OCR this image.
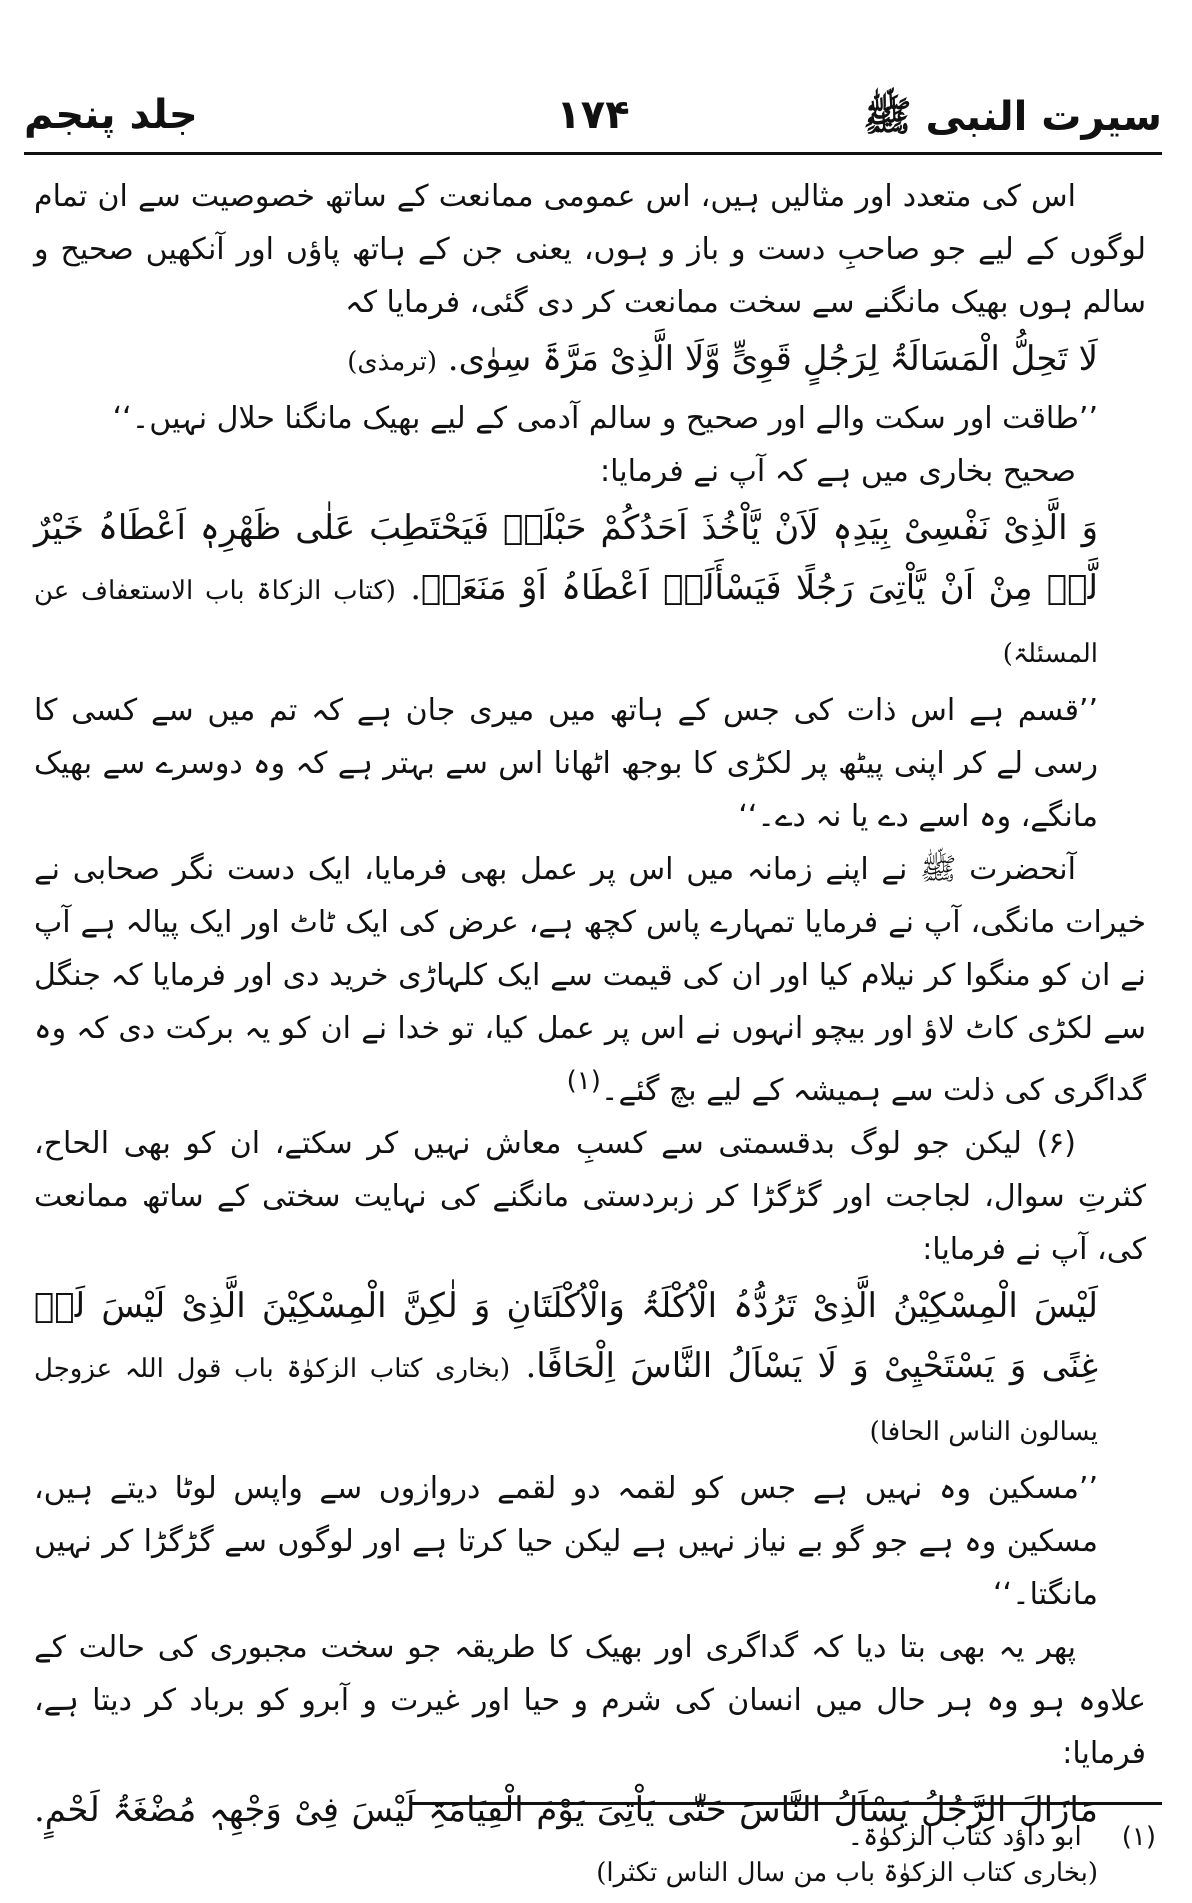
سیرت النبی ﷺ
۱۷۴
جلد پنجم

اس کی متعدد اور مثالیں ہیں، اس عمومی ممانعت کے ساتھ خصوصیت سے ان تمام لوگوں کے لیے جو صاحبِ دست و باز و ہوں، یعنی جن کے ہاتھ پاؤں اور آنکھیں صحیح و سالم ہوں بھیک مانگنے سے سخت ممانعت کر دی گئی، فرمایا کہ

لَا تَحِلُّ الْمَسَالَۃُ لِرَجُلٍ قَوِیٍّ وَّلَا الَّذِیْ مَرَّۃَ سِوٰی. (ترمذی)

’’طاقت اور سکت والے اور صحیح و سالم آدمی کے لیے بھیک مانگنا حلال نہیں۔‘‘

صحیح بخاری میں ہے کہ آپ نے فرمایا:

وَ الَّذِیْ نَفْسِیْ بِیَدِہٖ لَاَنْ یَّاْخُذَ اَحَدُکُمْ حَبْلَہٗ فَیَحْتَطِبَ عَلٰی ظَھْرِہٖ اَعْطَاہُ خَیْرٌ لَّہٗ مِنْ اَنْ یَّاْتِیَ رَجُلًا فَیَسْأَلَہٗ اَعْطَاہُ اَوْ مَنَعَہٗ. (کتاب الزکاۃ باب الاستعفاف عن المسئلۃ)

’’قسم ہے اس ذات کی جس کے ہاتھ میں میری جان ہے کہ تم میں سے کسی کا رسی لے کر اپنی پیٹھ پر لکڑی کا بوجھ اٹھانا اس سے بہتر ہے کہ وہ دوسرے سے بھیک مانگے، وہ اسے دے یا نہ دے۔‘‘

آنحضرت ﷺ نے اپنے زمانہ میں اس پر عمل بھی فرمایا، ایک دست نگر صحابی نے خیرات مانگی، آپ نے فرمایا تمہارے پاس کچھ ہے، عرض کی ایک ٹاٹ اور ایک پیالہ ہے آپ نے ان کو منگوا کر نیلام کیا اور ان کی قیمت سے ایک کلہاڑی خرید دی اور فرمایا کہ جنگل سے لکڑی کاٹ لاؤ اور بیچو انہوں نے اس پر عمل کیا، تو خدا نے ان کو یہ برکت دی کہ وہ گداگری کی ذلت سے ہمیشہ کے لیے بچ گئے۔$^{(۱)}$

(۶) لیکن جو لوگ بدقسمتی سے کسبِ معاش نہیں کر سکتے، ان کو بھی الحاح، کثرتِ سوال، لجاجت اور گڑگڑا کر زبردستی مانگنے کی نہایت سختی کے ساتھ ممانعت کی، آپ نے فرمایا:

لَیْسَ الْمِسْکِیْنُ الَّذِیْ تَرُدُّہُ الْاُکْلَۃُ وَالْاُکْلَتَانِ وَ لٰکِنَّ الْمِسْکِیْنَ الَّذِیْ لَیْسَ لَہٗ غِنًی وَ یَسْتَحْیِیْ وَ لَا یَسْاَلُ النَّاسَ اِلْحَافًا. (بخاری کتاب الزکوٰۃ باب قول اللہ عزوجل یسالون الناس الحافا)

’’مسکین وہ نہیں ہے جس کو لقمہ دو لقمے دروازوں سے واپس لوٹا دیتے ہیں، مسکین وہ ہے جو گو بے نیاز نہیں ہے لیکن حیا کرتا ہے اور لوگوں سے گڑگڑا کر نہیں مانگتا۔‘‘

پھر یہ بھی بتا دیا کہ گداگری اور بھیک کا طریقہ جو سخت مجبوری کی حالت کے علاوہ ہو وہ ہر حال میں انسان کی شرم و حیا اور غیرت و آبرو کو برباد کر دیتا ہے، فرمایا:

مَازَالَ الرَّجُلُ یَسْاَلُ النَّاسَ حَتّٰی یَاْتِیَ یَوْمَ الْقِیَامَۃِ لَیْسَ فِیْ وَجْھِہٖ مُضْغَۃُ لَحْمٍ. (بخاری کتاب الزکوٰۃ باب من سال الناس تکثرا)

(۱)ابو داؤد کتاب الزکوٰۃ۔
